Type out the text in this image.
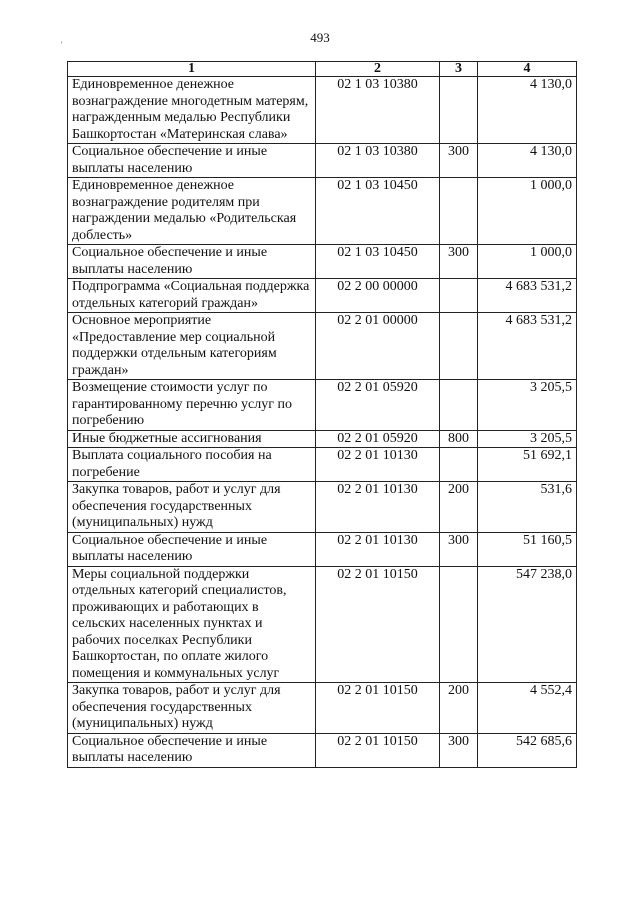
493
'
1	2	3	4
Единовременное денежное вознаграждение многодетным матерям, награжденным медалью Республики Башкортостан «Материнская слава»	02 1 03 10380		4 130,0
Социальное обеспечение и иные выплаты населению	02 1 03 10380	300	4 130,0
Единовременное денежное вознаграждение родителям при награждении медалью «Родительская доблесть»	02 1 03 10450		1 000,0
Социальное обеспечение и иные выплаты населению	02 1 03 10450	300	1 000,0
Подпрограмма «Социальная поддержка отдельных категорий граждан»	02 2 00 00000		4 683 531,2
Основное мероприятие «Предоставление мер социальной поддержки отдельным категориям граждан»	02 2 01 00000		4 683 531,2
Возмещение стоимости услуг по гарантированному перечню услуг по погребению	02 2 01 05920		3 205,5
Иные бюджетные ассигнования	02 2 01 05920	800	3 205,5
Выплата социального пособия на погребение	02 2 01 10130		51 692,1
Закупка товаров, работ и услуг для обеспечения государственных (муниципальных) нужд	02 2 01 10130	200	531,6
Социальное обеспечение и иные выплаты населению	02 2 01 10130	300	51 160,5
Меры социальной поддержки отдельных категорий специалистов, проживающих и работающих в сельских населенных пунктах и рабочих поселках Республики Башкортостан, по оплате жилого помещения и коммунальных услуг	02 2 01 10150		547 238,0
Закупка товаров, работ и услуг для обеспечения государственных (муниципальных) нужд	02 2 01 10150	200	4 552,4
Социальное обеспечение и иные выплаты населению	02 2 01 10150	300	542 685,6
